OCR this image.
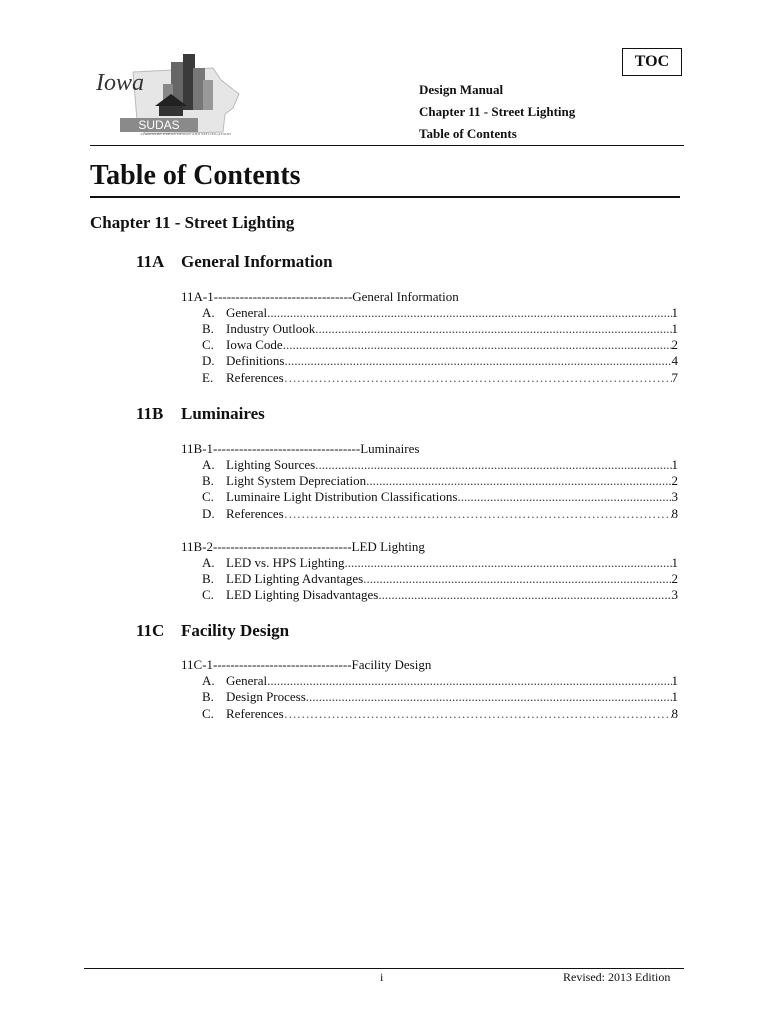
SUDAS
Iowa
STATEWIDE URBAN DESIGN AND SPECIFICATIONS
TOC
Design Manual
Chapter 11 - Street Lighting
Table of Contents
Table of Contents
Chapter 11 - Street Lighting
11A General Information
11A-1--------------------------------General Information
A. General .....	1
B. Industry Outlook .....	1
C. Iowa Code .....	2
D. Definitions .....	4
E. References ………………………………………………………………………………………………………………………………………………………………	7
11B Luminaires
11B-1----------------------------------Luminaires
A. Lighting Sources .....	1
B. Light System Depreciation .....	2
C. Luminaire Light Distribution Classifications .....	3
D. References ………………………………………………………………………………………………………………………………………………………………	8
11B-2--------------------------------LED Lighting
A. LED vs. HPS Lighting .....	1
B. LED Lighting Advantages .....	2
C. LED Lighting Disadvantages .....	3
11C Facility Design
11C-1--------------------------------Facility Design
A. General .....	1
B. Design Process .....	1
C. References ………………………………………………………………………………………………………………………………………………………………	8
i	Revised: 2013 Edition
